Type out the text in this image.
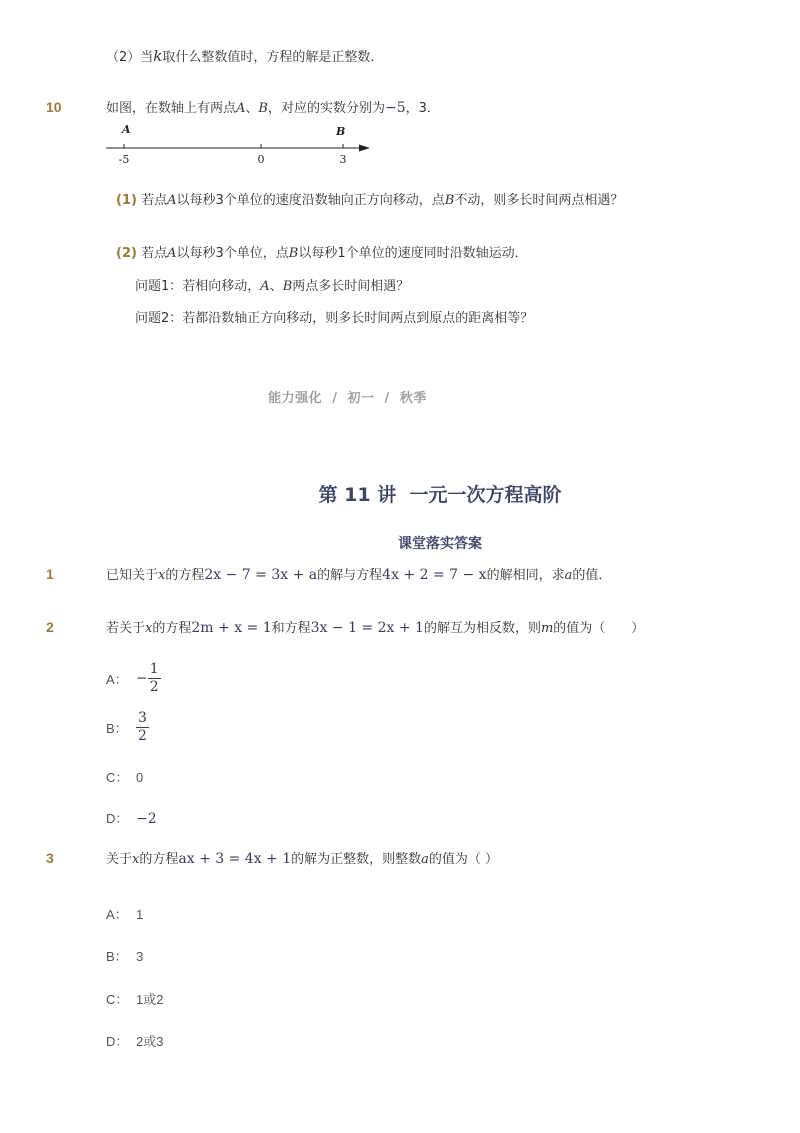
（2）当k取什么整数值时，方程的解是正整数．
10	如图，在数轴上有两点A、B，对应的实数分别为−5，3．
A	B
-5	0	3
(1) 若点A以每秒3个单位的速度沿数轴向正方向移动，点B不动，则多长时间两点相遇？
(2) 若点A以每秒3个单位，点B以每秒1个单位的速度同时沿数轴运动．
问题1：若相向移动，A、B两点多长时间相遇？
问题2：若都沿数轴正方向移动，则多长时间两点到原点的距离相等？
能力强化  /  初一  /  秋季
第 11 讲  一元一次方程高阶
课堂落实答案
1	已知关于x的方程2x − 7 = 3x + a的解与方程4x + 2 = 7 − x的解相同，求a的值．
2	若关于x的方程2m + x = 1和方程3x − 1 = 2x + 1的解互为相反数，则m的值为（　　）
A： − $\frac{1}{2}$
B： $\frac{3}{2}$
C： 0
D： −2
3	关于x的方程ax + 3 = 4x + 1的解为正整数，则整数a的值为（ ）
A： 1
B： 3
C： 1或2
D： 2或3
